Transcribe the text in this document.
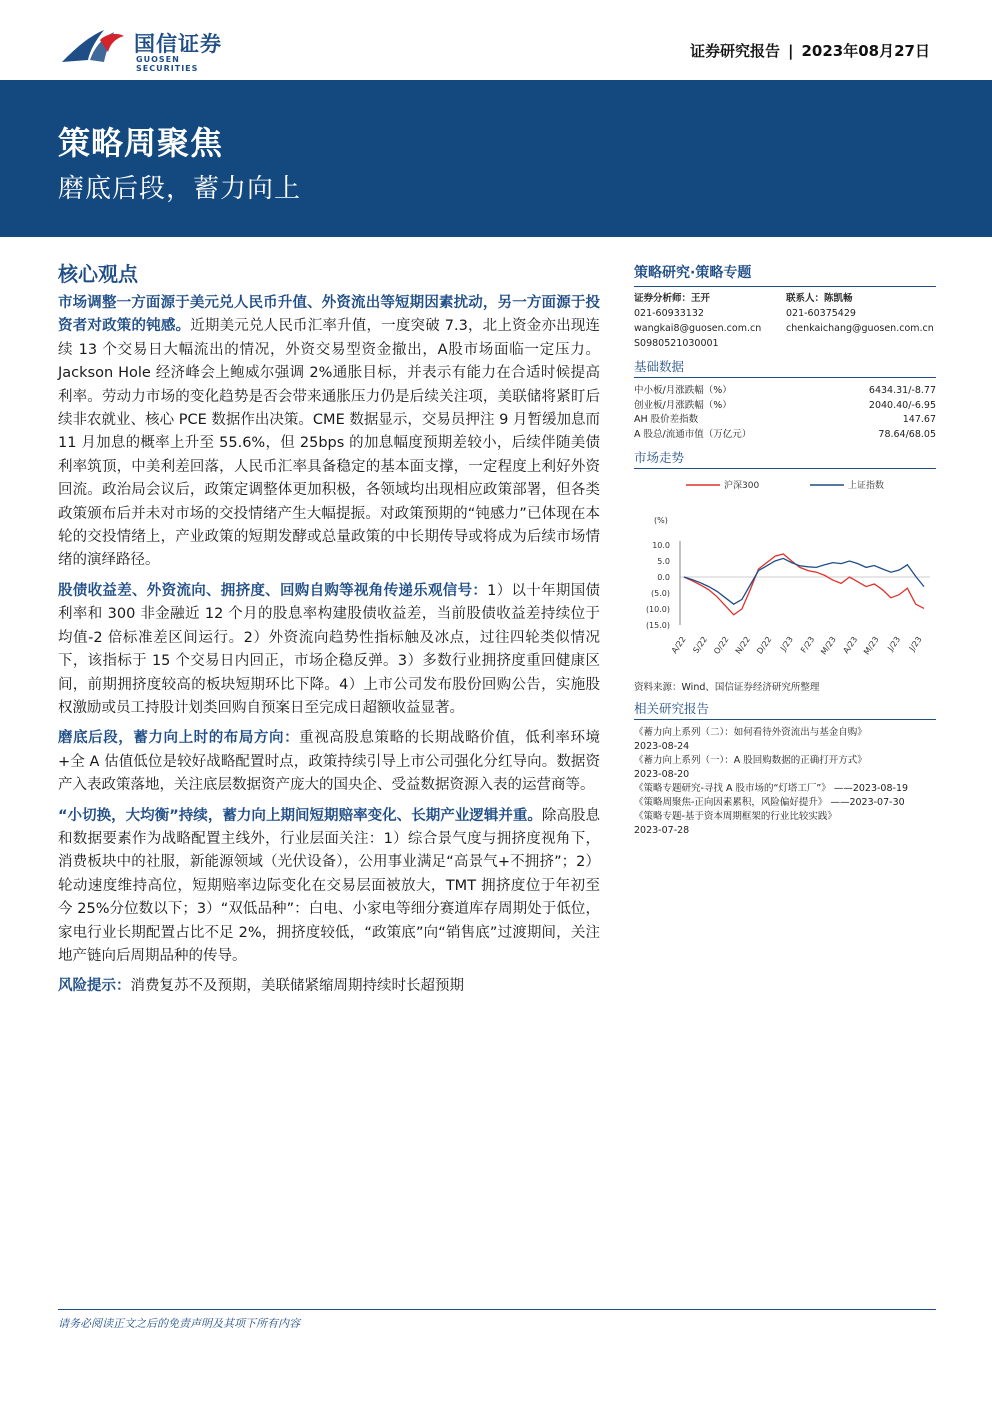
国信证券
GUOSEN SECURITIES
证券研究报告 | 2023年08月27日
策略周聚焦
磨底后段，蓄力向上
核心观点

市场调整一方面源于美元兑人民币升值、外资流出等短期因素扰动，另一方面源于投资者对政策的钝感。近期美元兑人民币汇率升值，一度突破 7.3，北上资金亦出现连续 13 个交易日大幅流出的情况，外资交易型资金撤出，A股市场面临一定压力。Jackson Hole 经济峰会上鲍威尔强调 2%通胀目标，并表示有能力在合适时候提高利率。劳动力市场的变化趋势是否会带来通胀压力仍是后续关注项，美联储将紧盯后续非农就业、核心 PCE 数据作出决策。CME 数据显示，交易员押注 9 月暂缓加息而 11 月加息的概率上升至 55.6%，但 25bps 的加息幅度预期差较小，后续伴随美债利率筑顶，中美利差回落，人民币汇率具备稳定的基本面支撑，一定程度上利好外资回流。政治局会议后，政策定调整体更加积极，各领域均出现相应政策部署，但各类政策颁布后并未对市场的交投情绪产生大幅提振。对政策预期的“钝感力”已体现在本轮的交投情绪上，产业政策的短期发酵或总量政策的中长期传导或将成为后续市场情绪的演绎路径。

股债收益差、外资流向、拥挤度、回购自购等视角传递乐观信号：1）以十年期国债利率和 300 非金融近 12 个月的股息率构建股债收益差，当前股债收益差持续位于均值-2 倍标准差区间运行。2）外资流向趋势性指标触及冰点，过往四轮类似情况下，该指标于 15 个交易日内回正，市场企稳反弹。3）多数行业拥挤度重回健康区间，前期拥挤度较高的板块短期环比下降。4）上市公司发布股份回购公告，实施股权激励或员工持股计划类回购自预案日至完成日超额收益显著。

磨底后段，蓄力向上时的布局方向：重视高股息策略的长期战略价值，低利率环境+全 A 估值低位是较好战略配置时点，政策持续引导上市公司强化分红导向。数据资产入表政策落地，关注底层数据资产庞大的国央企、受益数据资源入表的运营商等。

“小切换，大均衡”持续，蓄力向上期间短期赔率变化、长期产业逻辑并重。除高股息和数据要素作为战略配置主线外，行业层面关注：1）综合景气度与拥挤度视角下，消费板块中的社服，新能源领域（光伏设备），公用事业满足“高景气+不拥挤”；2）轮动速度维持高位，短期赔率边际变化在交易层面被放大，TMT 拥挤度位于年初至今 25%分位数以下；3）“双低品种”：白电、小家电等细分赛道库存周期处于低位，家电行业长期配置占比不足 2%，拥挤度较低，“政策底”向“销售底”过渡期间，关注地产链向后周期品种的传导。

风险提示：消费复苏不及预期，美联储紧缩周期持续时长超预期

策略研究·策略专题
证券分析师：王开
021-60933132
wangkai8@guosen.com.cn
S0980521030001
联系人：陈凯畅
021-60375429
chenkaichang@guosen.com.cn
基础数据
中小板/月涨跌幅（%）	6434.31/-8.77
创业板/月涨跌幅（%）	2040.40/-6.95
AH 股价差指数	147.67
A 股总/流通市值（万亿元）	78.64/68.05
市场走势
沪深300	上证指数
(%)
10.0
5.0
0.0
(5.0)
(10.0)
(15.0)
A/22 S/22 O/22 N/22 D/22 J/23 F/23 M/23 A/23 M/23 J/23 J/23
资料来源：Wind、国信证券经济研究所整理
相关研究报告
《蓄力向上系列（二）：如何看待外资流出与基金自购》
2023-08-24
《蓄力向上系列（一）：A 股回购数据的正确打开方式》
2023-08-20
《策略专题研究-寻找 A 股市场的“灯塔工厂”》 ——2023-08-19
《策略周聚焦-正向因素累积，风险偏好提升》 ——2023-07-30
《策略专题-基于资本周期框架的行业比较实践》
2023-07-28
请务必阅读正文之后的免责声明及其项下所有内容
